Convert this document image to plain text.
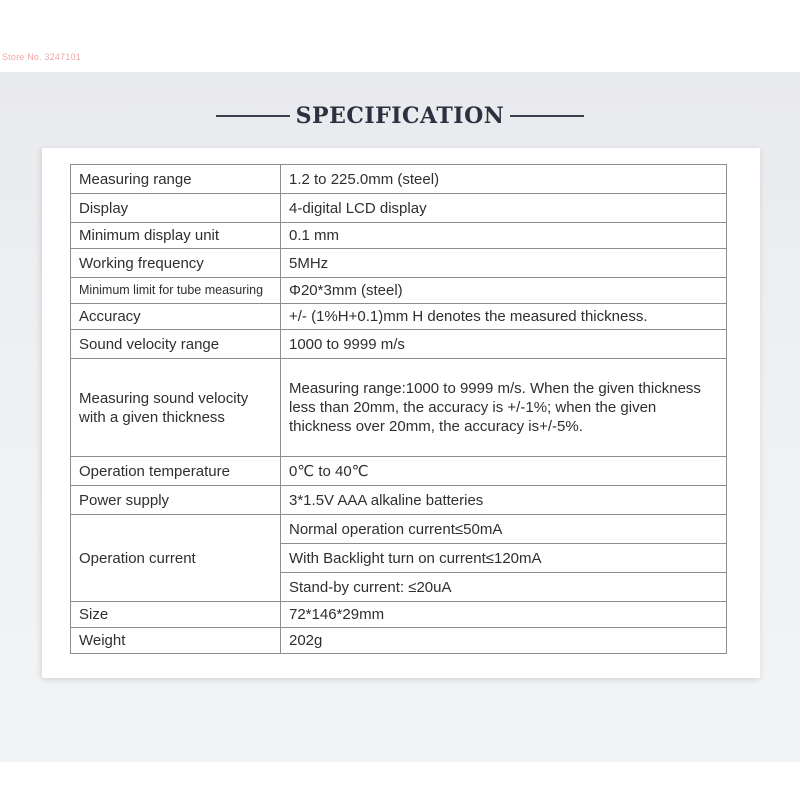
Store No. 3247101
SPECIFICATION
Measuring range	1.2 to 225.0mm (steel)
Display	4-digital LCD display
Minimum display unit	0.1 mm
Working frequency	5MHz
Minimum limit for tube measuring	Φ20*3mm (steel)
Accuracy	+/- (1%H+0.1)mm H denotes the measured thickness.
Sound velocity range	1000 to 9999 m/s
Measuring sound velocity with a given thickness	Measuring range:1000 to 9999 m/s. When the given thickness less than 20mm, the accuracy is +/-1%; when the given thickness over 20mm, the accuracy is+/-5%.
Operation temperature	0℃ to 40℃
Power supply	3*1.5V AAA alkaline batteries
Operation current	Normal operation current≤50mA
	With Backlight turn on current≤120mA
	Stand-by current: ≤20uA
Size	72*146*29mm
Weight	202g
